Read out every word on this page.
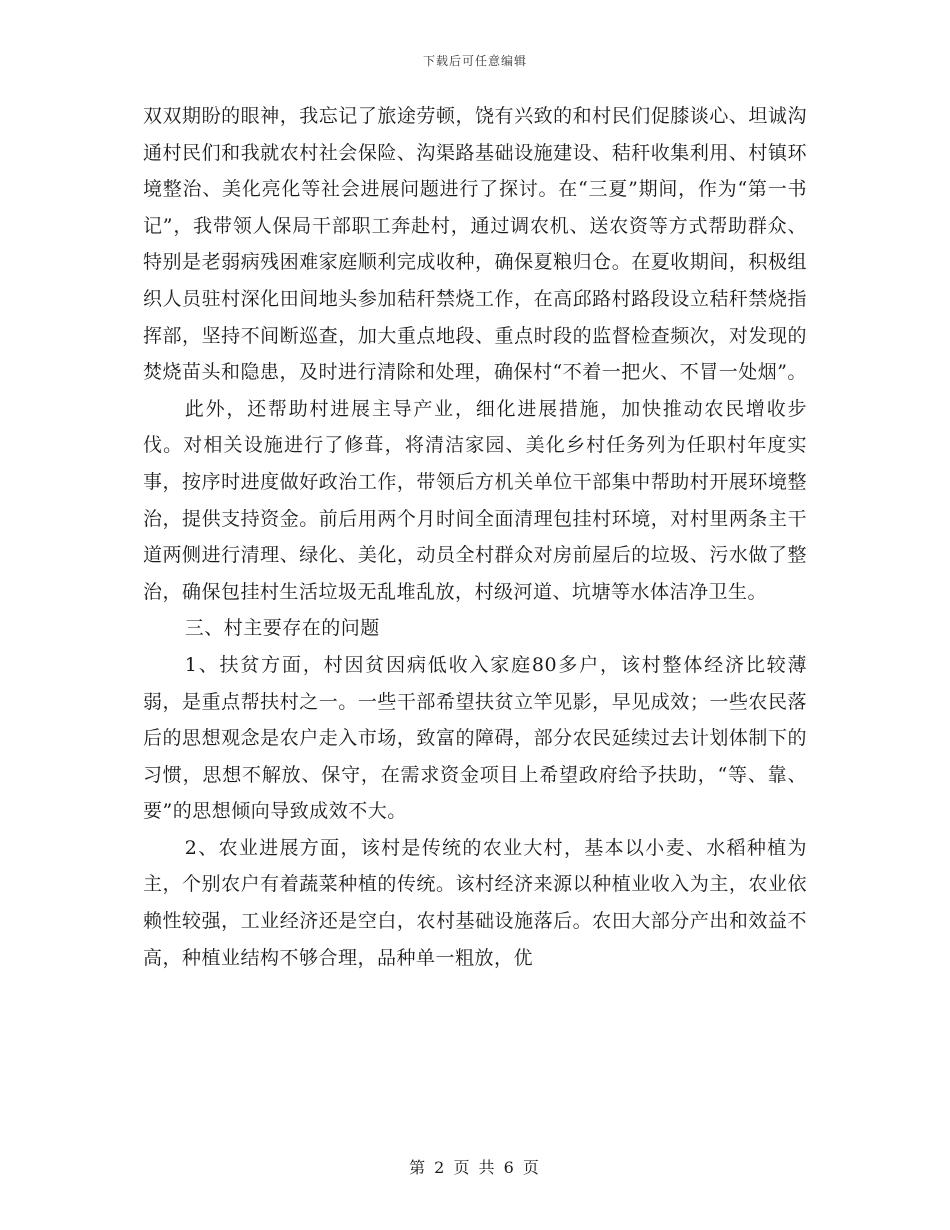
下载后可任意编辑

双双期盼的眼神，我忘记了旅途劳顿，饶有兴致的和村民们促膝谈心、坦诚沟通村民们和我就农村社会保险、沟渠路基础设施建设、秸秆收集利用、村镇环境整治、美化亮化等社会进展问题进行了探讨。在“三夏”期间，作为“第一书记”，我带领人保局干部职工奔赴村，通过调农机、送农资等方式帮助群众、特别是老弱病残困难家庭顺利完成收种，确保夏粮归仓。在夏收期间，积极组织人员驻村深化田间地头参加秸秆禁烧工作，在高邱路村路段设立秸秆禁烧指挥部，坚持不间断巡查，加大重点地段、重点时段的监督检查频次，对发现的焚烧苗头和隐患，及时进行清除和处理，确保村“不着一把火、不冒一处烟”。

此外，还帮助村进展主导产业，细化进展措施，加快推动农民增收步伐。对相关设施进行了修葺，将清洁家园、美化乡村任务列为任职村年度实事，按序时进度做好政治工作，带领后方机关单位干部集中帮助村开展环境整治，提供支持资金。前后用两个月时间全面清理包挂村环境，对村里两条主干道两侧进行清理、绿化、美化，动员全村群众对房前屋后的垃圾、污水做了整治，确保包挂村生活垃圾无乱堆乱放，村级河道、坑塘等水体洁净卫生。

三、村主要存在的问题

1、扶贫方面，村因贫因病低收入家庭80多户，该村整体经济比较薄弱，是重点帮扶村之一。一些干部希望扶贫立竿见影，早见成效；一些农民落后的思想观念是农户走入市场，致富的障碍，部分农民延续过去计划体制下的习惯，思想不解放、保守，在需求资金项目上希望政府给予扶助，“等、靠、要”的思想倾向导致成效不大。

2、农业进展方面，该村是传统的农业大村，基本以小麦、水稻种植为主，个别农户有着蔬菜种植的传统。该村经济来源以种植业收入为主，农业依赖性较强，工业经济还是空白，农村基础设施落后。农田大部分产出和效益不高，种植业结构不够合理，品种单一粗放，优

第 2 页 共 6 页
